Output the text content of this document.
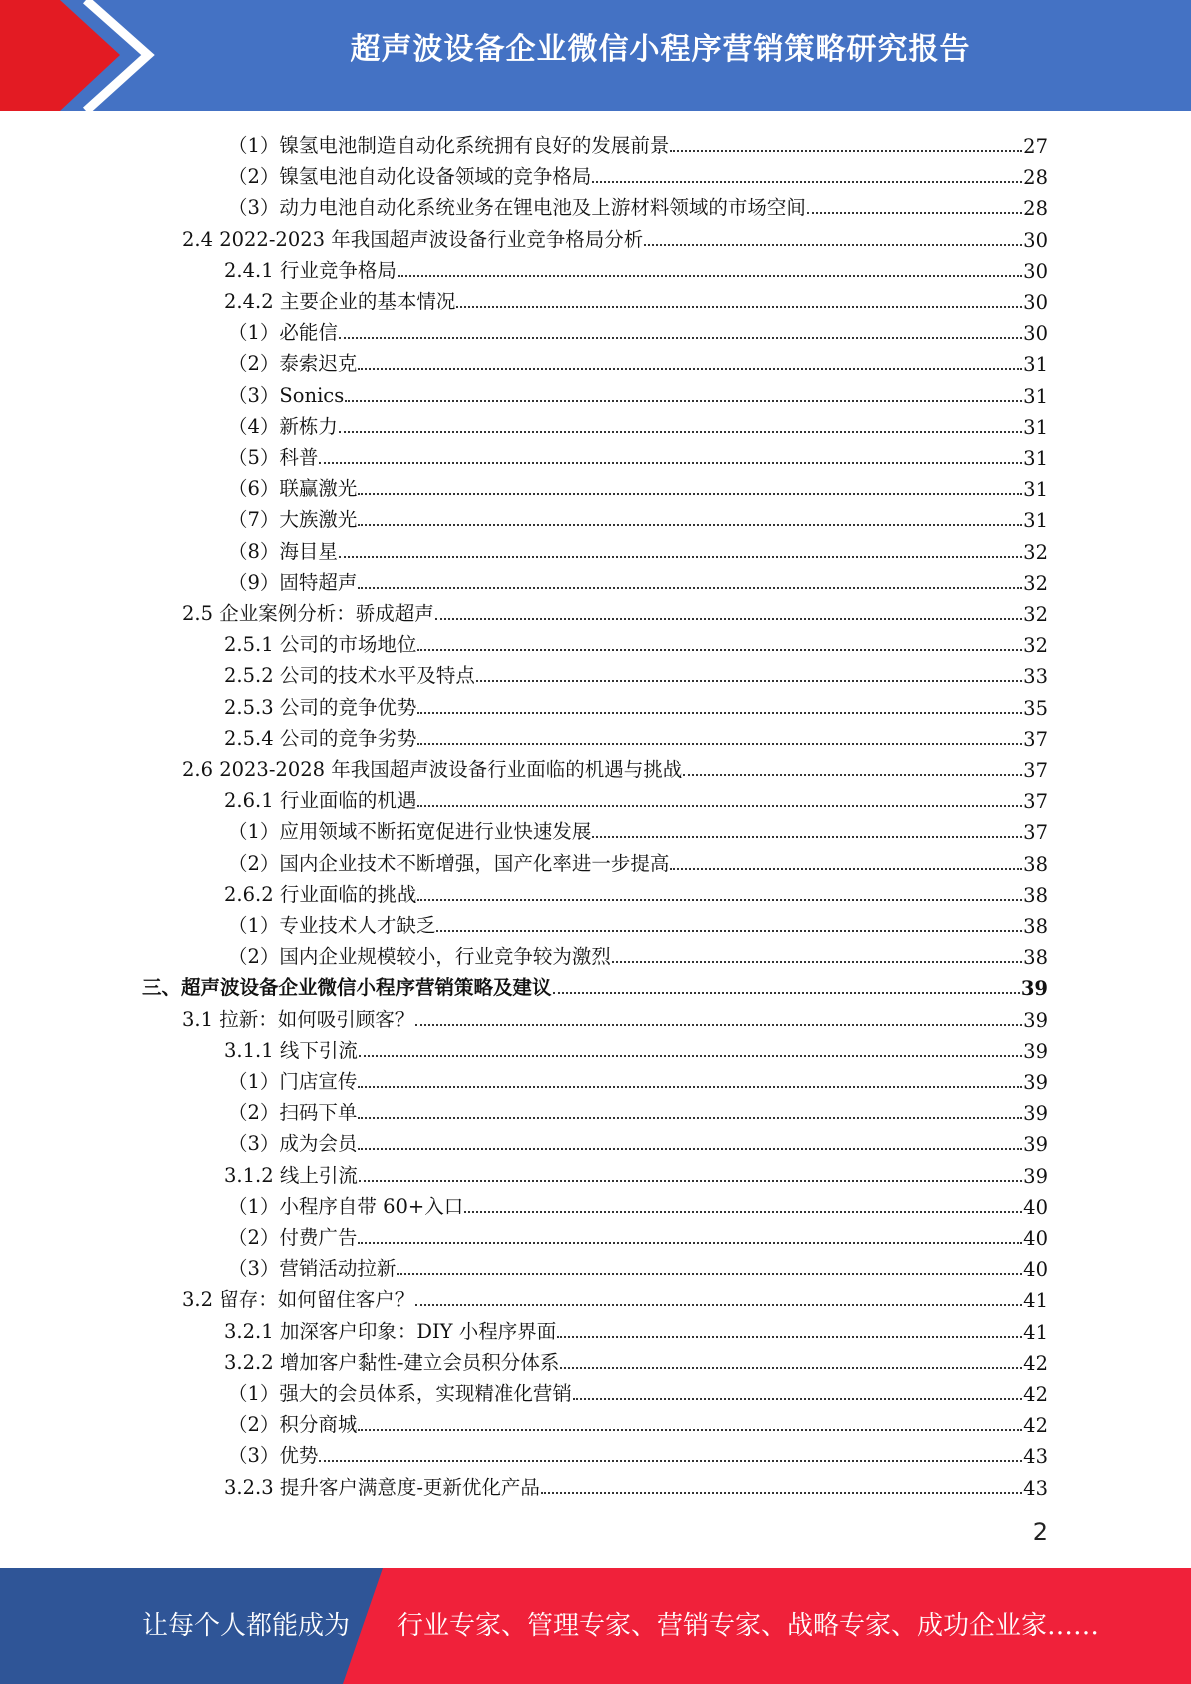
超声波设备企业微信小程序营销策略研究报告
（1）镍氢电池制造自动化系统拥有良好的发展前景	27
（2）镍氢电池自动化设备领域的竞争格局	28
（3）动力电池自动化系统业务在锂电池及上游材料领域的市场空间	28
2.4 2022-2023 年我国超声波设备行业竞争格局分析	30
2.4.1 行业竞争格局	30
2.4.2 主要企业的基本情况	30
（1）必能信	30
（2）泰索迟克	31
（3）Sonics	31
（4）新栋力	31
（5）科普	31
（6）联赢激光	31
（7）大族激光	31
（8）海目星	32
（9）固特超声	32
2.5 企业案例分析：骄成超声	32
2.5.1 公司的市场地位	32
2.5.2 公司的技术水平及特点	33
2.5.3 公司的竞争优势	35
2.5.4 公司的竞争劣势	37
2.6 2023-2028 年我国超声波设备行业面临的机遇与挑战	37
2.6.1 行业面临的机遇	37
（1）应用领域不断拓宽促进行业快速发展	37
（2）国内企业技术不断增强，国产化率进一步提高	38
2.6.2 行业面临的挑战	38
（1）专业技术人才缺乏	38
（2）国内企业规模较小，行业竞争较为激烈	38
三、超声波设备企业微信小程序营销策略及建议	39
3.1 拉新：如何吸引顾客？	39
3.1.1 线下引流	39
（1）门店宣传	39
（2）扫码下单	39
（3）成为会员	39
3.1.2 线上引流	39
（1）小程序自带 60+入口	40
（2）付费广告	40
（3）营销活动拉新	40
3.2 留存：如何留住客户？	41
3.2.1 加深客户印象：DIY 小程序界面	41
3.2.2 增加客户黏性-建立会员积分体系	42
（1）强大的会员体系，实现精准化营销	42
（2）积分商城	42
（3）优势	43
3.2.3 提升客户满意度-更新优化产品	43
2
让每个人都能成为 行业专家、管理专家、营销专家、战略专家、成功企业家……
